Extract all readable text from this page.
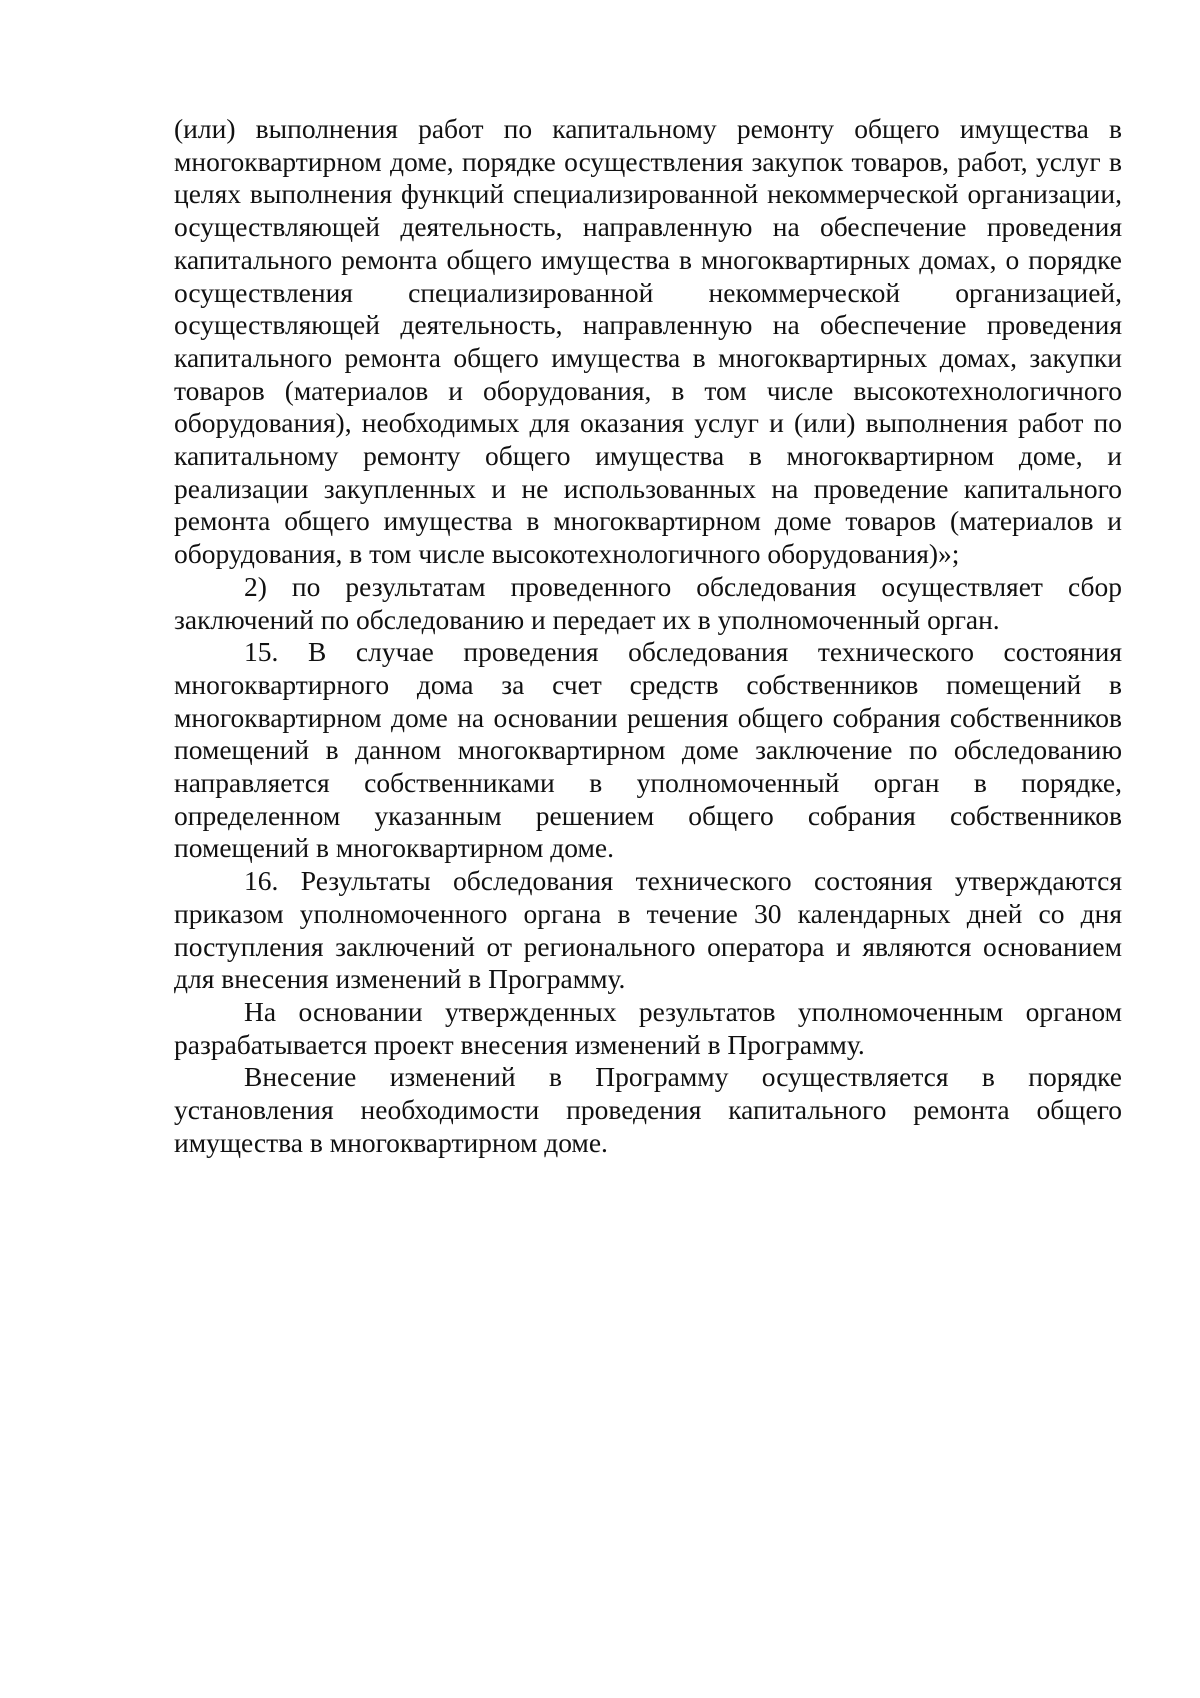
(или) выполнения работ по капитальному ремонту общего имущества в многоквартирном доме, порядке осуществления закупок товаров, работ, услуг в целях выполнения функций специализированной некоммерческой организации, осуществляющей деятельность, направленную на обеспечение проведения капитального ремонта общего имущества в многоквартирных домах, о порядке осуществления специализированной некоммерческой организацией, осуществляющей деятельность, направленную на обеспечение проведения капитального ремонта общего имущества в многоквартирных домах, закупки товаров (материалов и оборудования, в том числе высокотехнологичного оборудования), необходимых для оказания услуг и (или) выполнения работ по капитальному ремонту общего имущества в многоквартирном доме, и реализации закупленных и не использованных на проведение капитального ремонта общего имущества в многоквартирном доме товаров (материалов и оборудования, в том числе высокотехнологичного оборудования)»;

2) по результатам проведенного обследования осуществляет сбор заключений по обследованию и передает их в уполномоченный орган.

15. В случае проведения обследования технического состояния многоквартирного дома за счет средств собственников помещений в многоквартирном доме на основании решения общего собрания собственников помещений в данном многоквартирном доме заключение по обследованию направляется собственниками в уполномоченный орган в порядке, определенном указанным решением общего собрания собственников помещений в многоквартирном доме.

16. Результаты обследования технического состояния утверждаются приказом уполномоченного органа в течение 30 календарных дней со дня поступления заключений от регионального оператора и являются основанием для внесения изменений в Программу.

На основании утвержденных результатов уполномоченным органом разрабатывается проект внесения изменений в Программу.

Внесение изменений в Программу осуществляется в порядке установления необходимости проведения капитального ремонта общего имущества в многоквартирном доме.
